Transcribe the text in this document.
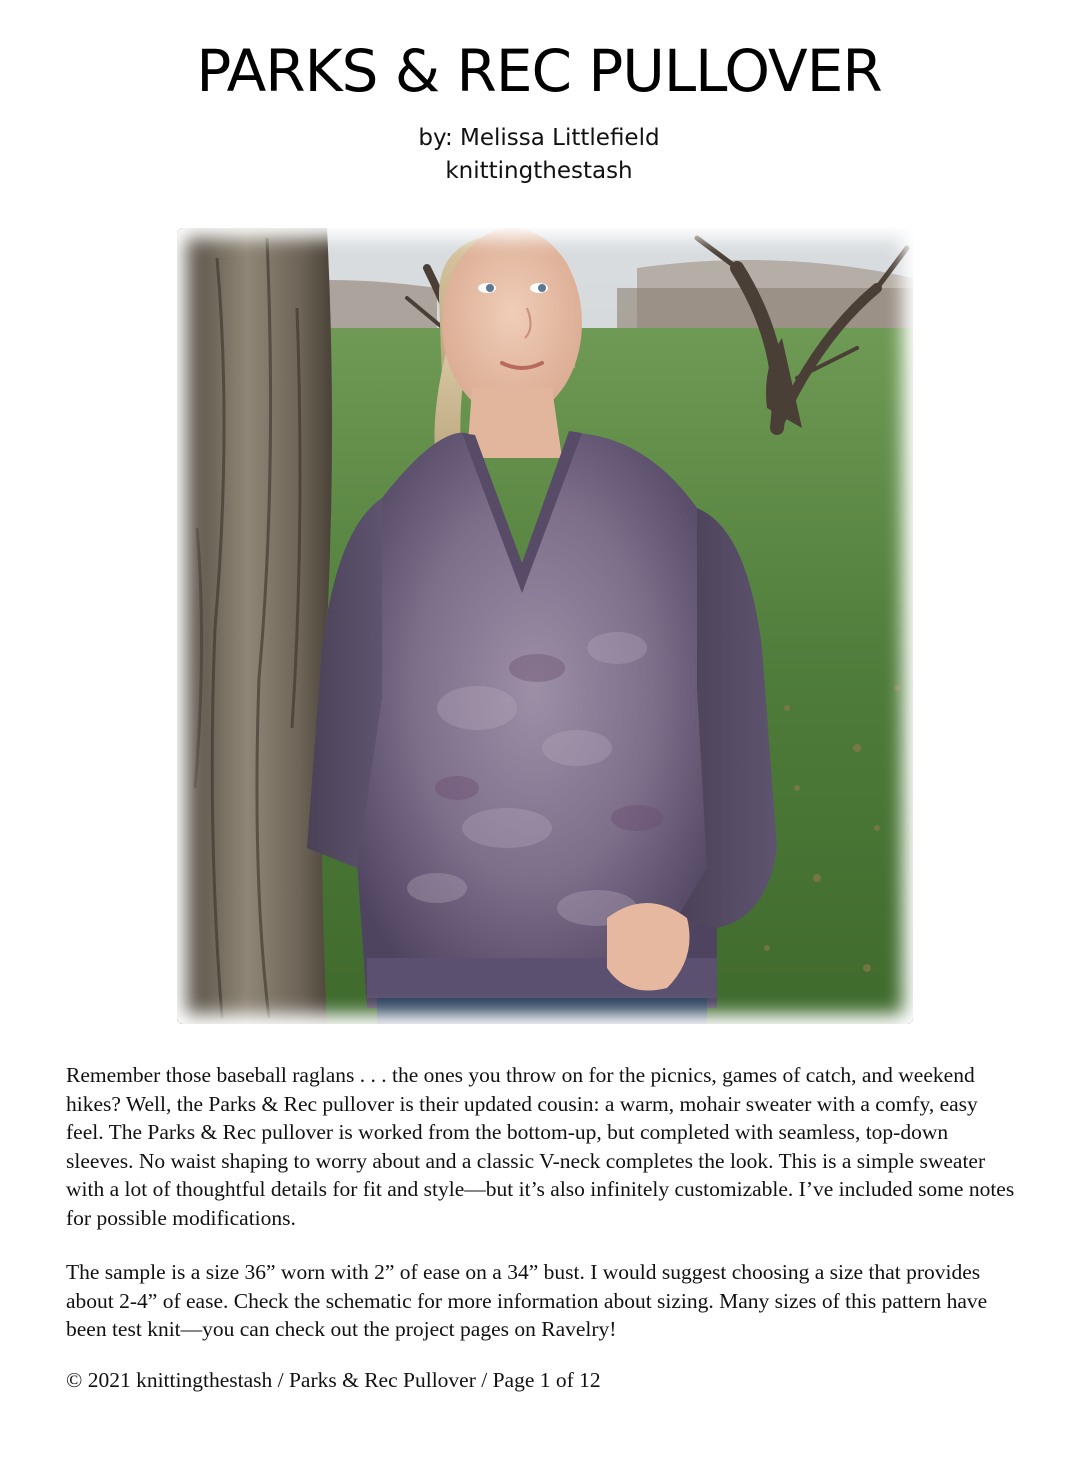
PARKS & REC PULLOVER
by: Melissa Littlefield
knittingthestash

Remember those baseball raglans . . . the ones you throw on for the picnics, games of catch, and weekend hikes? Well, the Parks & Rec pullover is their updated cousin: a warm, mohair sweater with a comfy, easy feel. The Parks & Rec pullover is worked from the bottom-up, but completed with seamless, top-down sleeves. No waist shaping to worry about and a classic V-neck completes the look. This is a simple sweater with a lot of thoughtful details for fit and style—but it’s also infinitely customizable. I’ve included some notes for possible modifications.

The sample is a size 36” worn with 2” of ease on a 34” bust. I would suggest choosing a size that provides about 2-4” of ease. Check the schematic for more information about sizing. Many sizes of this pattern have been test knit—you can check out the project pages on Ravelry!

© 2021 knittingthestash / Parks & Rec Pullover / Page 1 of 12
